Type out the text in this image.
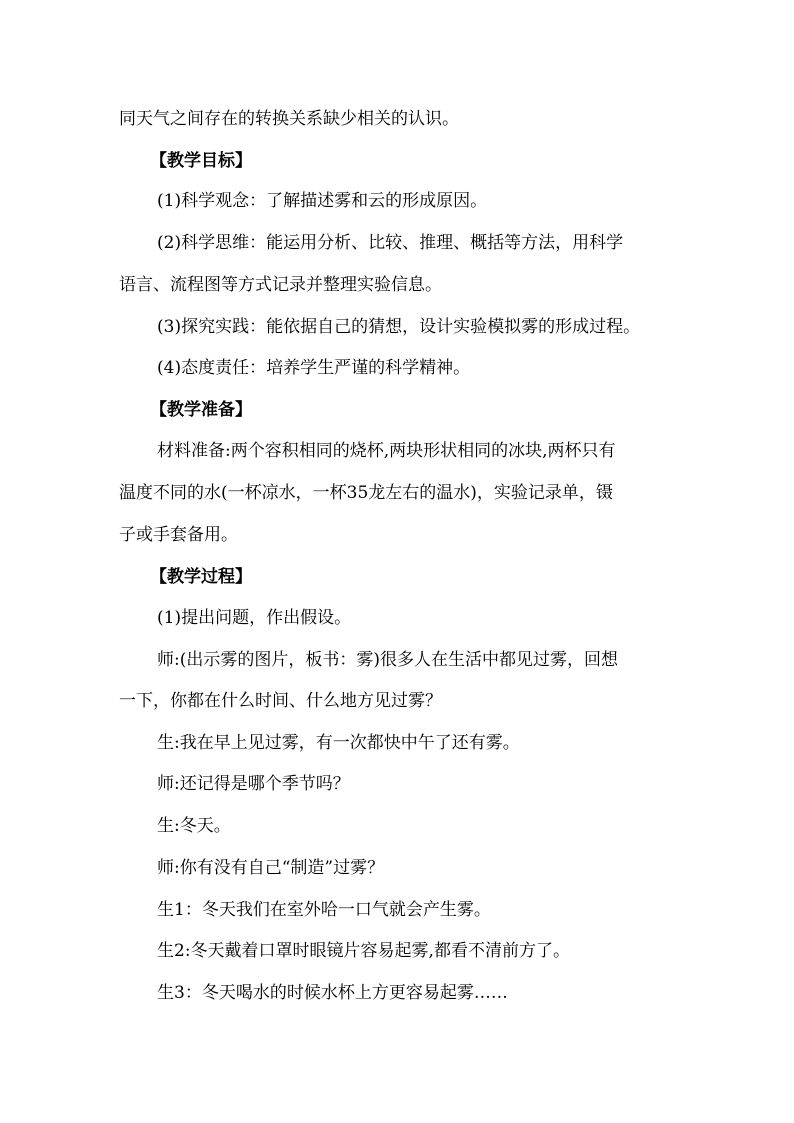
同天气之间存在的转换关系缺少相关的认识。
【教学目标】
(1)科学观念：了解描述雾和云的形成原因。
(2)科学思维：能运用分析、比较、推理、概括等方法，用科学
语言、流程图等方式记录并整理实验信息。
(3)探究实践：能依据自己的猜想，设计实验模拟雾的形成过程。
(4)态度责任：培养学生严谨的科学精神。
【教学准备】
材料准备:两个容积相同的烧杯,两块形状相同的冰块,两杯只有
温度不同的水(一杯凉水，一杯35龙左右的温水)，实验记录单，镊
子或手套备用。
【教学过程】
(1)提出问题，作出假设。
师:(出示雾的图片，板书：雾)很多人在生活中都见过雾，回想
一下，你都在什么时间、什么地方见过雾？
生:我在早上见过雾，有一次都快中午了还有雾。
师:还记得是哪个季节吗？
生:冬天。
师:你有没有自己“制造”过雾？
生1：冬天我们在室外哈一口气就会产生雾。
生2:冬天戴着口罩时眼镜片容易起雾,都看不清前方了。
生3：冬天喝水的时候水杯上方更容易起雾……
